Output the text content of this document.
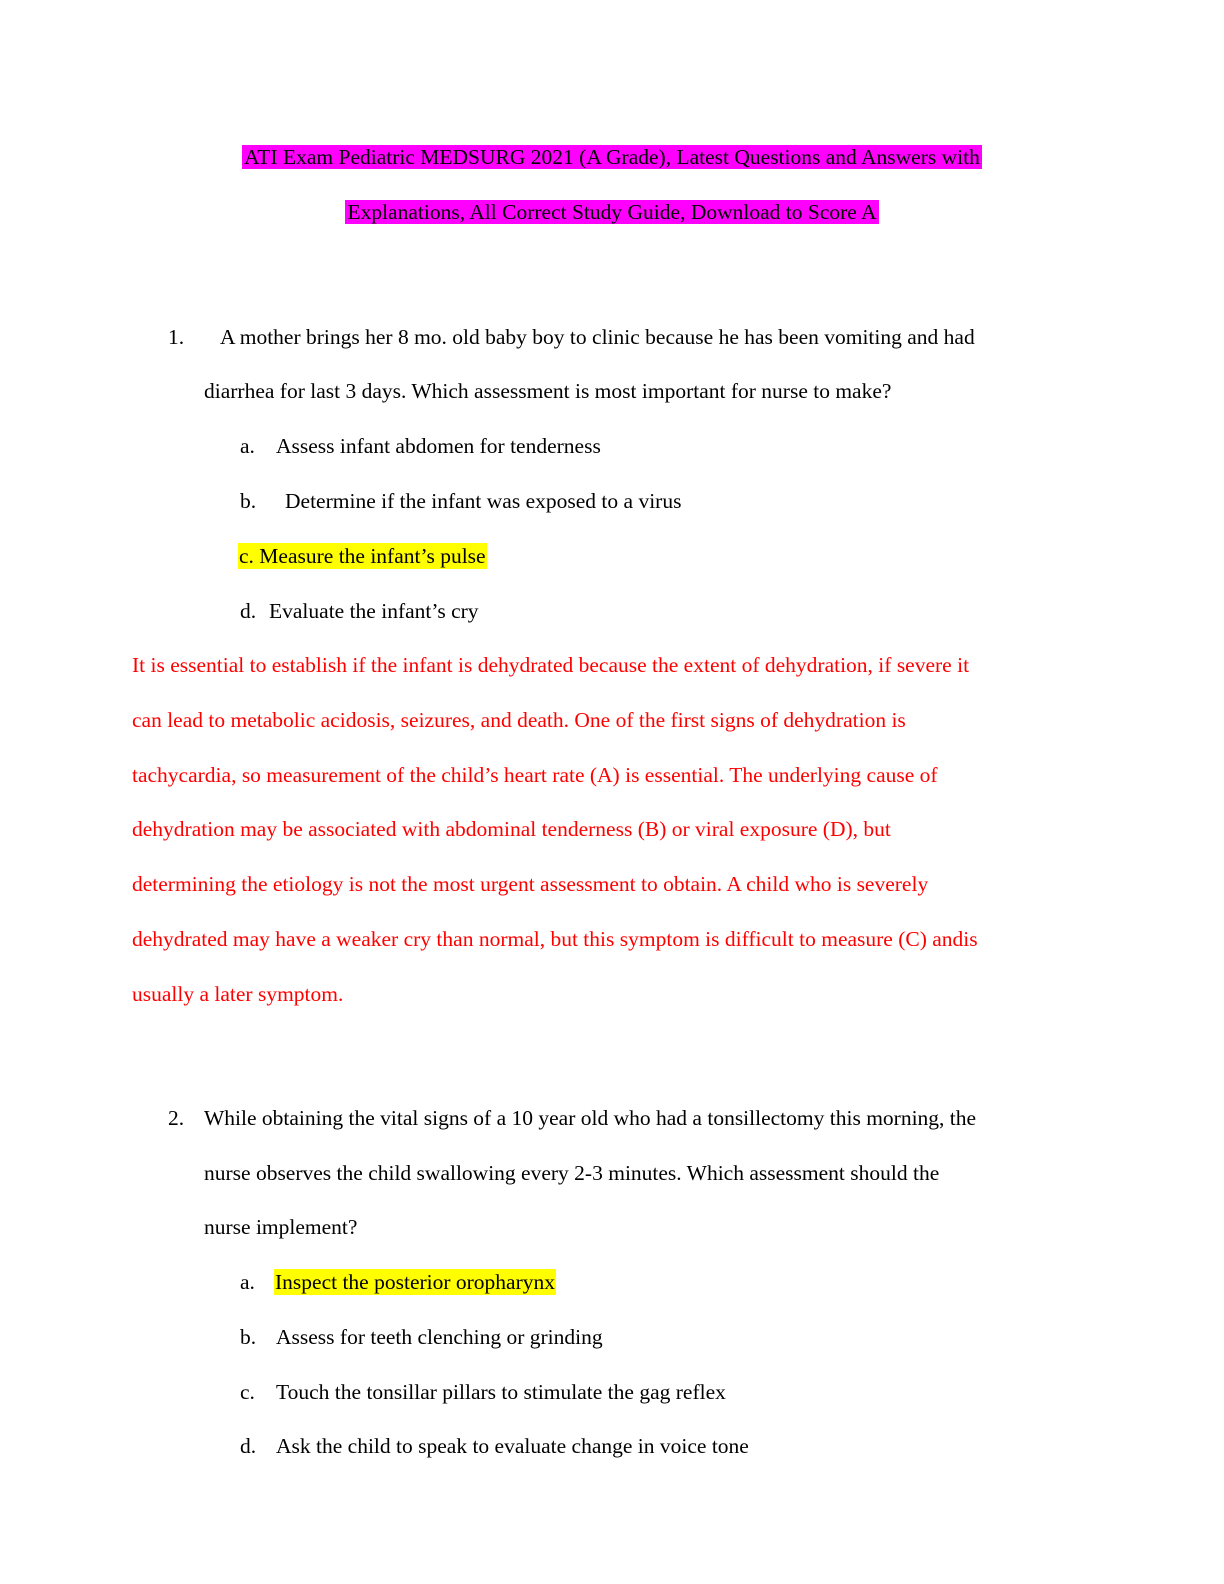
ATI Exam Pediatric MEDSURG 2021 (A Grade), Latest Questions and Answers with
Explanations, All Correct Study Guide, Download to Score A
1. A mother brings her 8 mo. old baby boy to clinic because he has been vomiting and had
diarrhea for last 3 days. Which assessment is most important for nurse to make?
a. Assess infant abdomen for tenderness
b. Determine if the infant was exposed to a virus
c. Measure the infant’s pulse
d. Evaluate the infant’s cry
It is essential to establish if the infant is dehydrated because the extent of dehydration, if severe it
can lead to metabolic acidosis, seizures, and death. One of the first signs of dehydration is
tachycardia, so measurement of the child’s heart rate (A) is essential. The underlying cause of
dehydration may be associated with abdominal tenderness (B) or viral exposure (D), but
determining the etiology is not the most urgent assessment to obtain. A child who is severely
dehydrated may have a weaker cry than normal, but this symptom is difficult to measure (C) andis
usually a later symptom.
2. While obtaining the vital signs of a 10 year old who had a tonsillectomy this morning, the
nurse observes the child swallowing every 2-3 minutes. Which assessment should the
nurse implement?
a. Inspect the posterior oropharynx
b. Assess for teeth clenching or grinding
c. Touch the tonsillar pillars to stimulate the gag reflex
d. Ask the child to speak to evaluate change in voice tone
